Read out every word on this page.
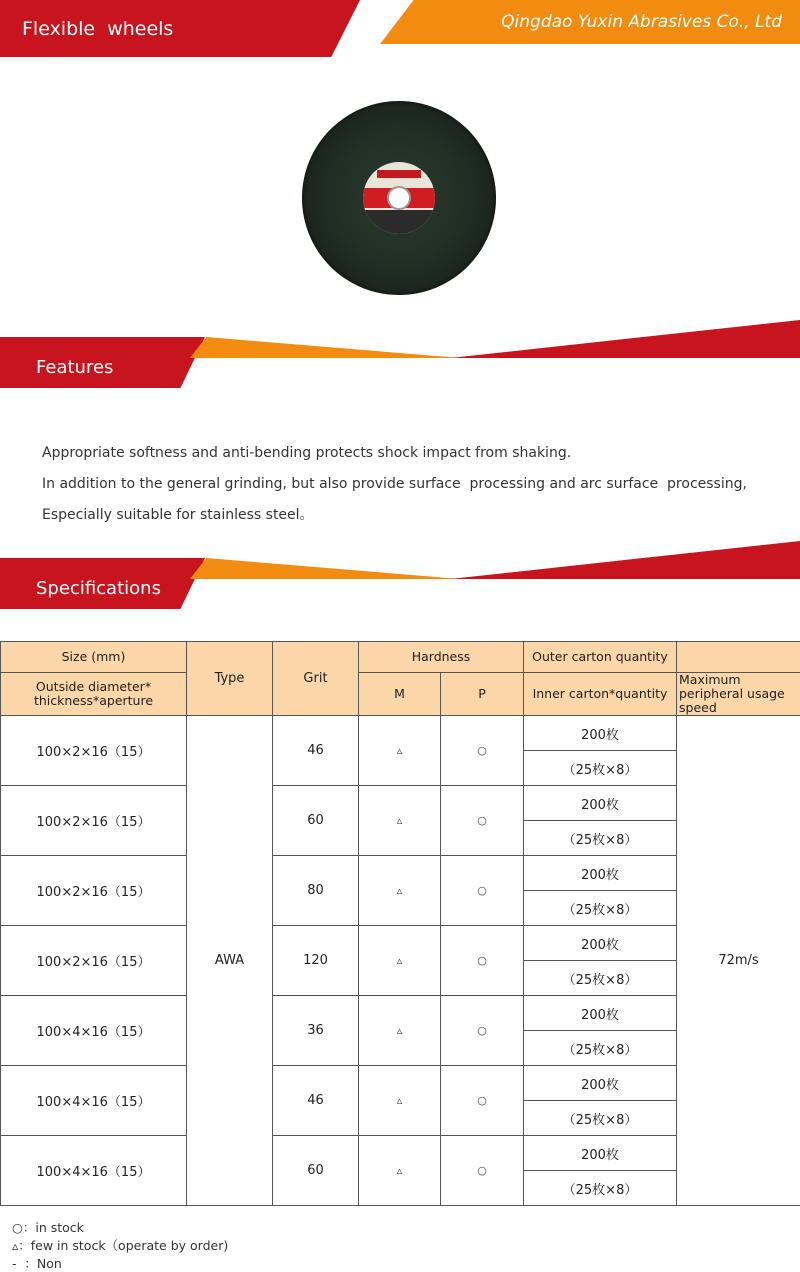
Flexible  wheels	Qingdao Yuxin Abrasives Co., Ltd
Features

Appropriate softness and anti-bending protects shock impact from shaking.

In addition to the general grinding, but also provide surface  processing and arc surface  processing,

Especially suitable for stainless steel。

Specifications
Size (mm)	Type	Grit	Hardness		Outer carton quantity	
Outside diameter* thickness*aperture			M	P	Inner carton*quantity	Maximum peripheral usage speed
100×2×16（15）	AWA	46	▵	○	200枚	72m/s
					（25枚×8）	
100×2×16（15）		60	▵	○	200枚	
					（25枚×8）	
100×2×16（15）		80	▵	○	200枚	
					（25枚×8）	
100×2×16（15）		120	▵	○	200枚	
					（25枚×8）	
100×4×16（15）		36	▵	○	200枚	
					（25枚×8）	
100×4×16（15）		46	▵	○	200枚	
					（25枚×8）	
100×4×16（15）		60	▵	○	200枚	
					（25枚×8）	

○：in stock
▵：few in stock（operate by order)
-  ：Non
